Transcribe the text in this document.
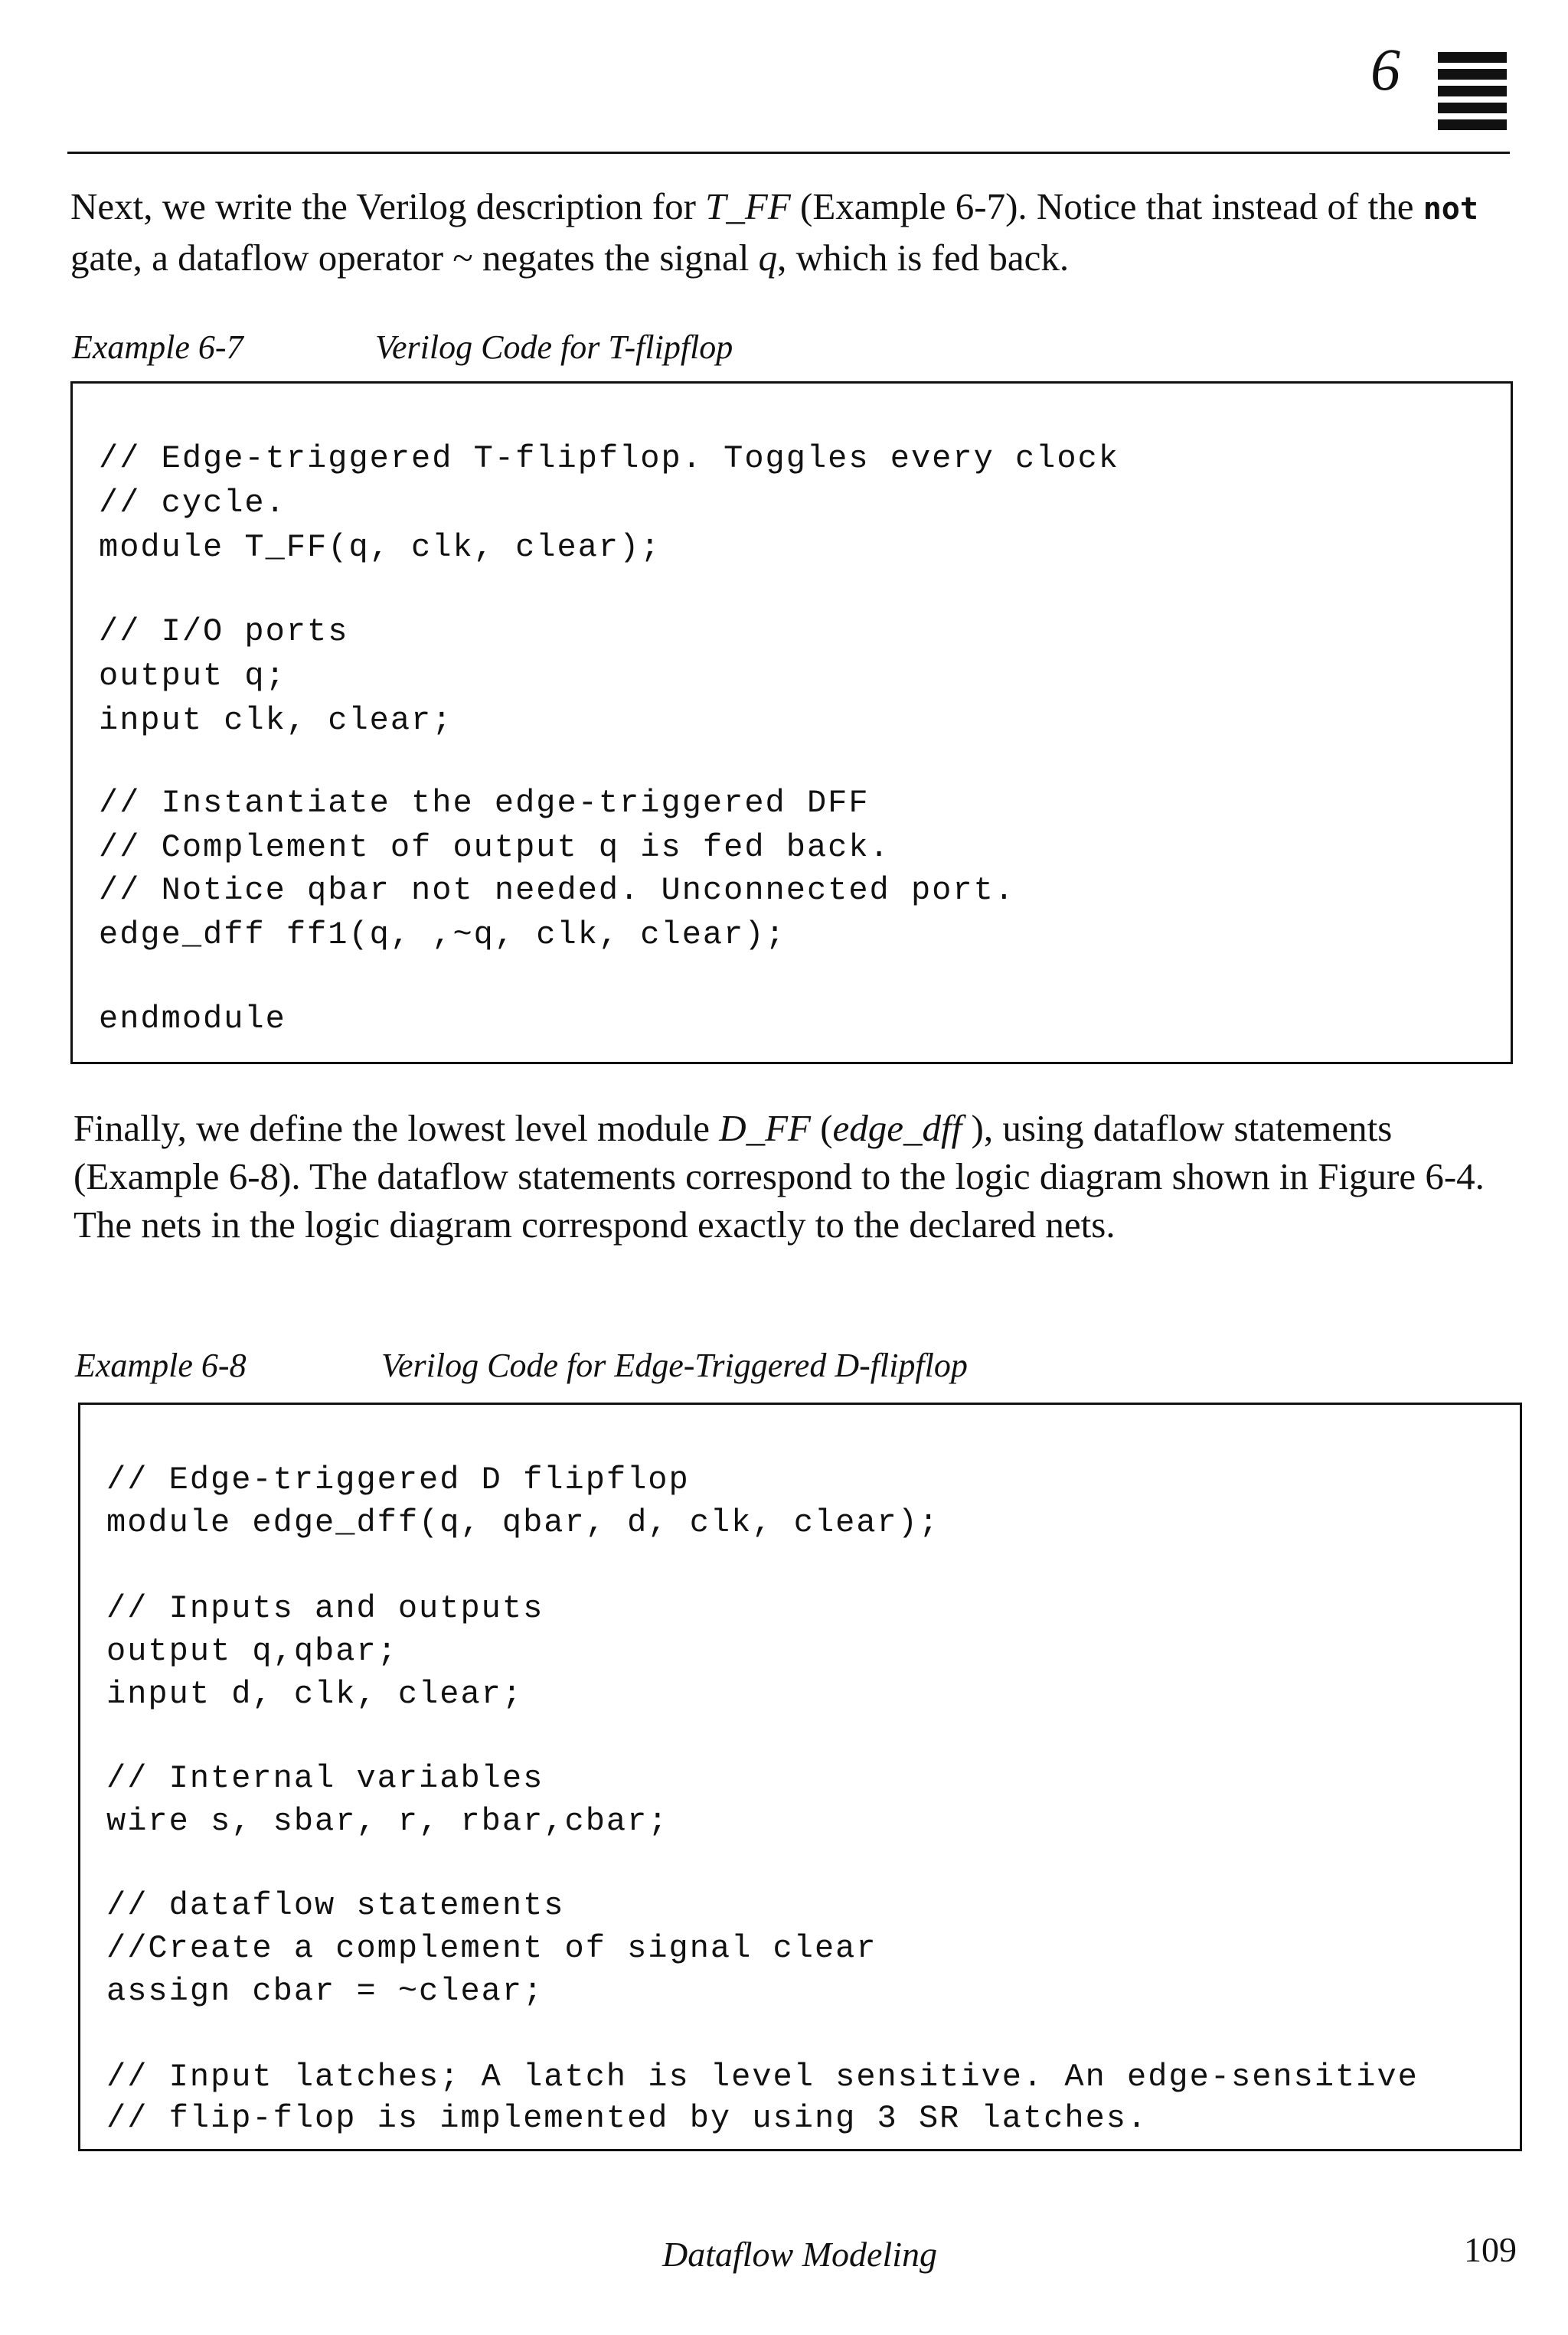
6

Next, we write the Verilog description for T_FF (Example 6-7). Notice that instead of the not gate, a dataflow operator ~ negates the signal q, which is fed back.

Example 6-7	Verilog Code for T-flipflop
// Edge-triggered T-flipflop. Toggles every clock
// cycle.
module T_FF(q, clk, clear);
// I/O ports
output q;
input clk, clear;
// Instantiate the edge-triggered DFF
// Complement of output q is fed back.
// Notice qbar not needed. Unconnected port.
edge_dff ff1(q, ,~q, clk, clear);
endmodule

Finally, we define the lowest level module D_FF (edge_dff ), using dataflow statements (Example 6-8). The dataflow statements correspond to the logic diagram shown in Figure 6-4. The nets in the logic diagram correspond exactly to the declared nets.

Example 6-8	Verilog Code for Edge-Triggered D-flipflop
// Edge-triggered D flipflop
module edge_dff(q, qbar, d, clk, clear);
// Inputs and outputs
output q,qbar;
input d, clk, clear;
// Internal variables
wire s, sbar, r, rbar,cbar;
// dataflow statements
//Create a complement of signal clear
assign cbar = ~clear;
// Input latches; A latch is level sensitive. An edge-sensitive
// flip-flop is implemented by using 3 SR latches.
Dataflow Modeling	109
